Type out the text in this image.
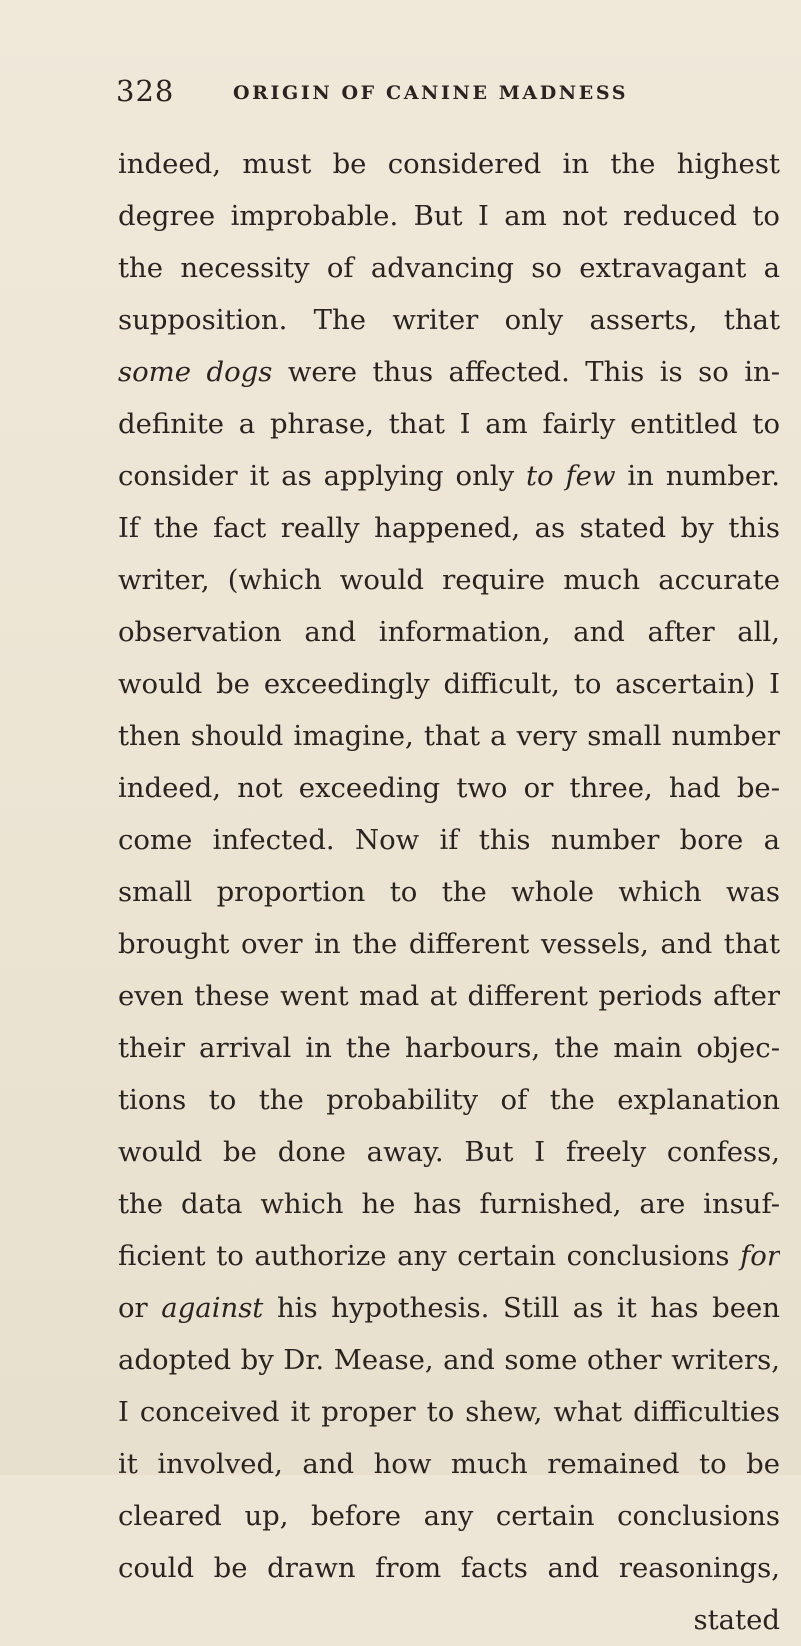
328	ORIGIN OF CANINE MADNESS
indeed, must be considered in the highest
degree improbable. But I am not reduced to
the necessity of advancing so extravagant a
supposition. The writer only asserts, that
some dogs were thus affected. This is so in-
definite a phrase, that I am fairly entitled to
consider it as applying only to few in number.
If the fact really happened, as stated by this
writer, (which would require much accurate
observation and information, and after all,
would be exceedingly difficult, to ascertain) I
then should imagine, that a very small number
indeed, not exceeding two or three, had be-
come infected. Now if this number bore a
small proportion to the whole which was
brought over in the different vessels, and that
even these went mad at different periods after
their arrival in the harbours, the main objec-
tions to the probability of the explanation
would be done away. But I freely confess,
the data which he has furnished, are insuf-
ficient to authorize any certain conclusions for
or against his hypothesis. Still as it has been
adopted by Dr. Mease, and some other writers,
I conceived it proper to shew, what difficulties
it involved, and how much remained to be
cleared up, before any certain conclusions
could be drawn from facts and reasonings,
stated
